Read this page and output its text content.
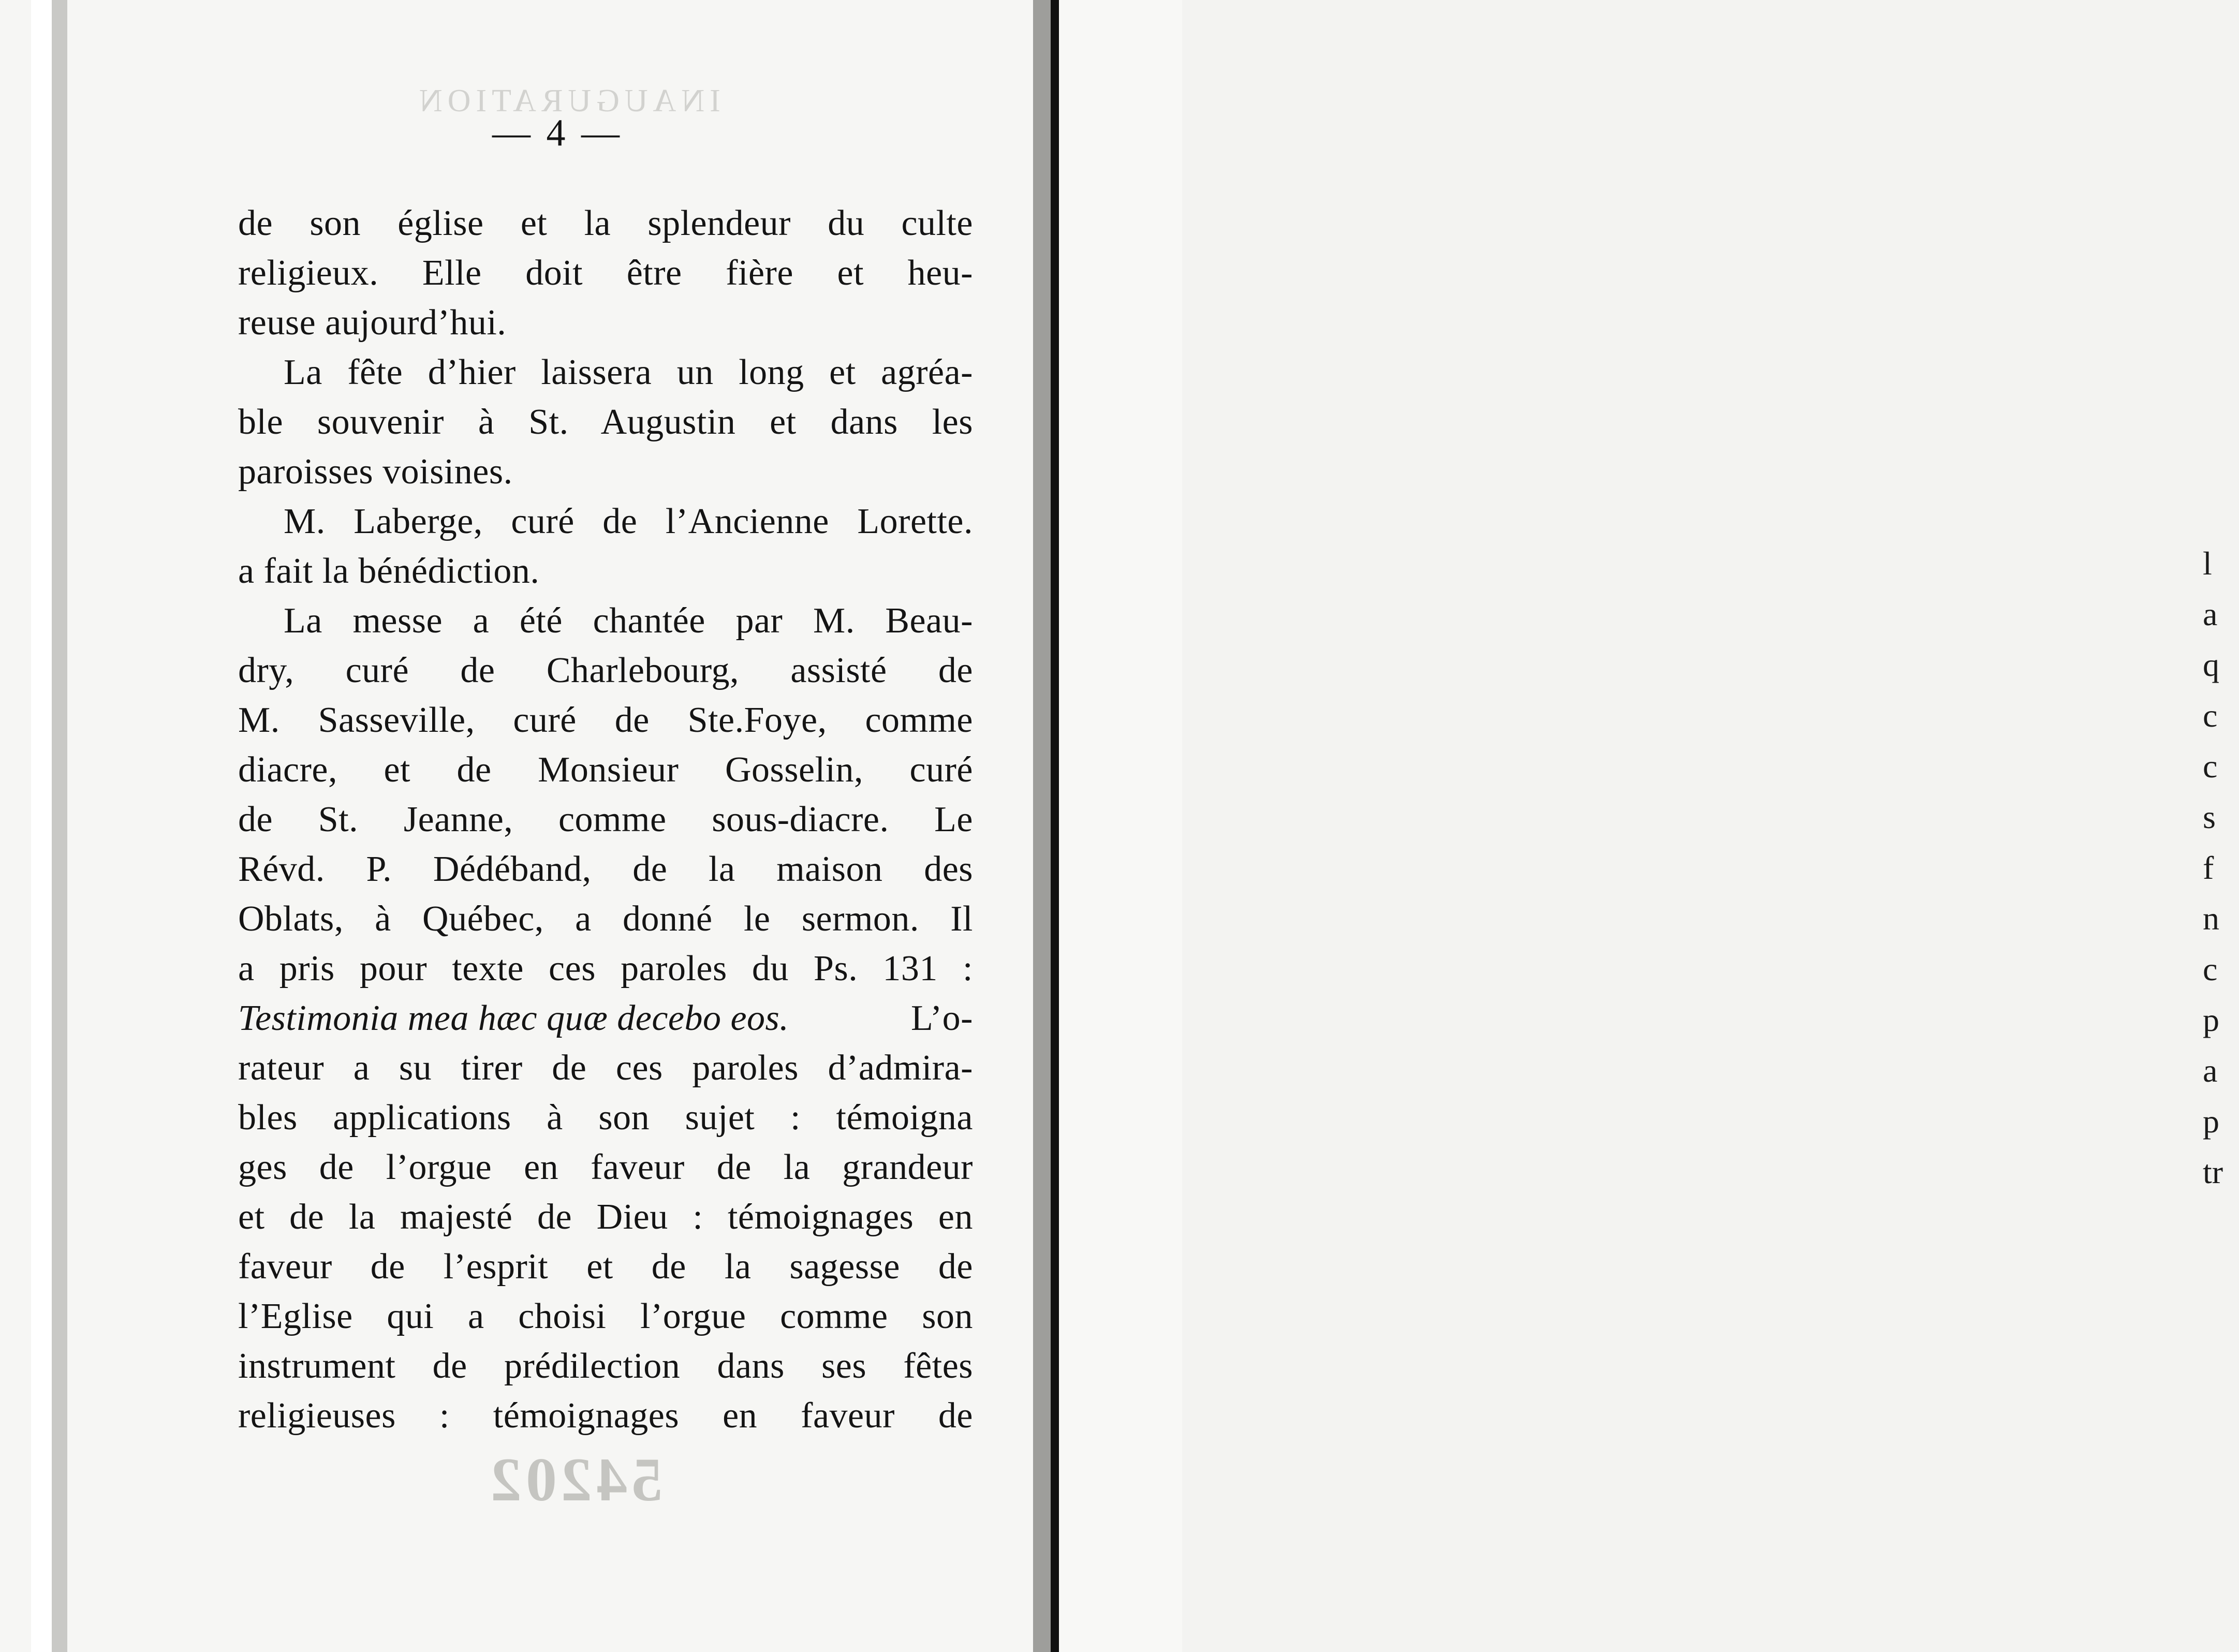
l
a
q
c
c
s
f
n
c
p
a
p
tr
INAUGURATION
— 4 —
de son église et la splendeur du culte
religieux. Elle doit être fière et heu-
reuse aujourd’hui.
La fête d’hier laissera un long et agréa-
ble souvenir à St. Augustin et dans les
paroisses voisines.
M. Laberge, curé de l’Ancienne Lorette.
a fait la bénédiction.
La messe a été chantée par M. Beau-
dry, curé de Charlebourg, assisté de
M. Sasseville, curé de Ste.Foye, comme
diacre, et de Monsieur Gosselin, curé
de St. Jeanne, comme sous-diacre. Le
Révd. P. Dédéband, de la maison des
Oblats, à Québec, a donné le sermon. Il
a pris pour texte ces paroles du Ps. 131 :
Testimonia mea hæc quæ decebo eos.	L’o-
rateur a su tirer de ces paroles d’admira-
bles applications à son sujet : témoigna
ges de l’orgue en faveur de la grandeur
et de la majesté de Dieu : témoignages en
faveur de l’esprit et de la sagesse de
l’Eglise qui a choisi l’orgue comme son
instrument de prédilection dans ses fêtes
religieuses : témoignages en faveur de
54202
